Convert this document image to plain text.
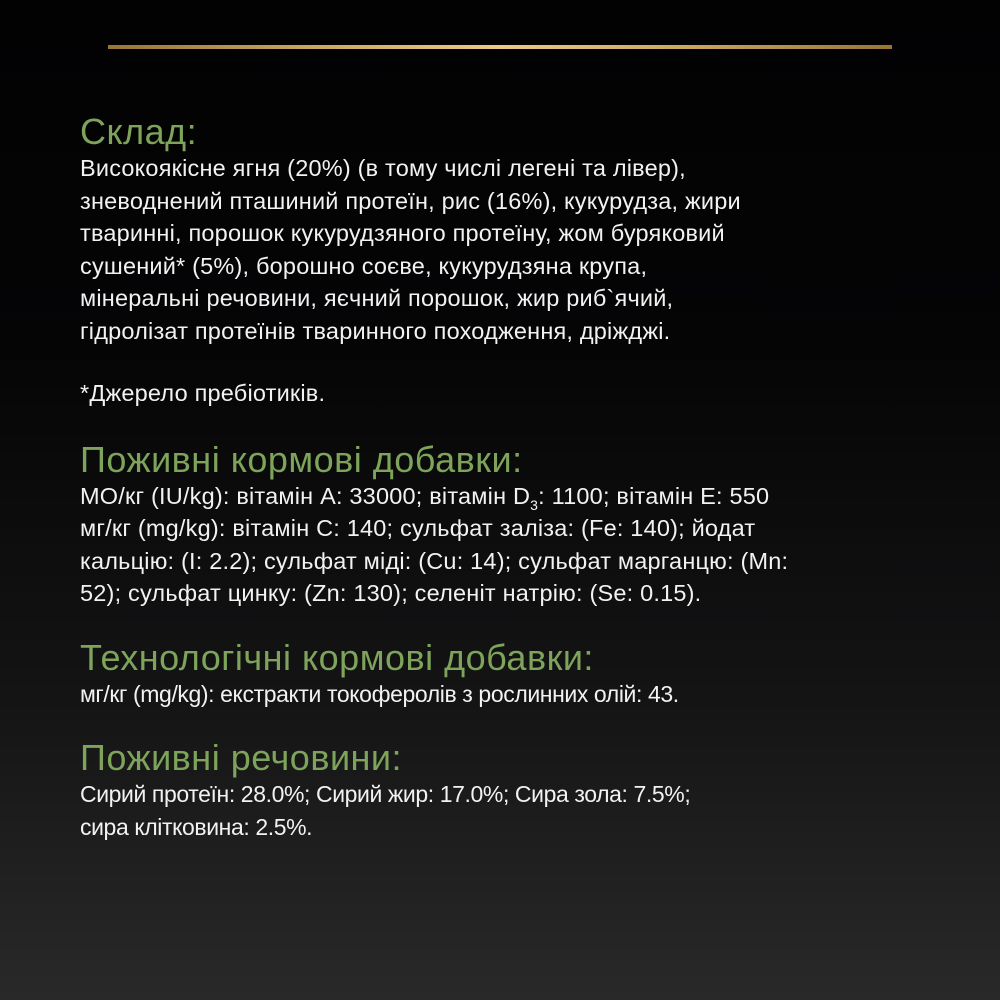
Склад:

Високоякісне ягня (20%) (в тому числі легені та лівер),
зневоднений пташиний протеїн, рис (16%), кукурудза, жири
тваринні, порошок кукурудзяного протеїну, жом буряковий
сушений* (5%), борошно соєве, кукурудзяна крупа,
мінеральні речовини, яєчний порошок, жир риб`ячий,
гідролізат протеїнів тваринного походження, дріжджі.

*Джерело пребіотиків.

Поживні кормові добавки:

МО/кг (IU/kg): вітамін А: 33000; вітамін $D_3$: 1100; вітамін E: 550
мг/кг (mg/kg): вітамін С: 140; сульфат заліза: (Fe: 140); йодат
кальцію: (I: 2.2); сульфат міді: (Cu: 14); сульфат марганцю: (Mn:
52); сульфат цинку: (Zn: 130); селеніт натрію: (Se: 0.15).

Технологічні кормові добавки:

мг/кг (mg/kg): екстракти токоферолів з рослинних олій: 43.

Поживні речовини:

Сирий протеїн: 28.0%; Сирий жир: 17.0%; Сира зола: 7.5%;
сира клітковина: 2.5%.
